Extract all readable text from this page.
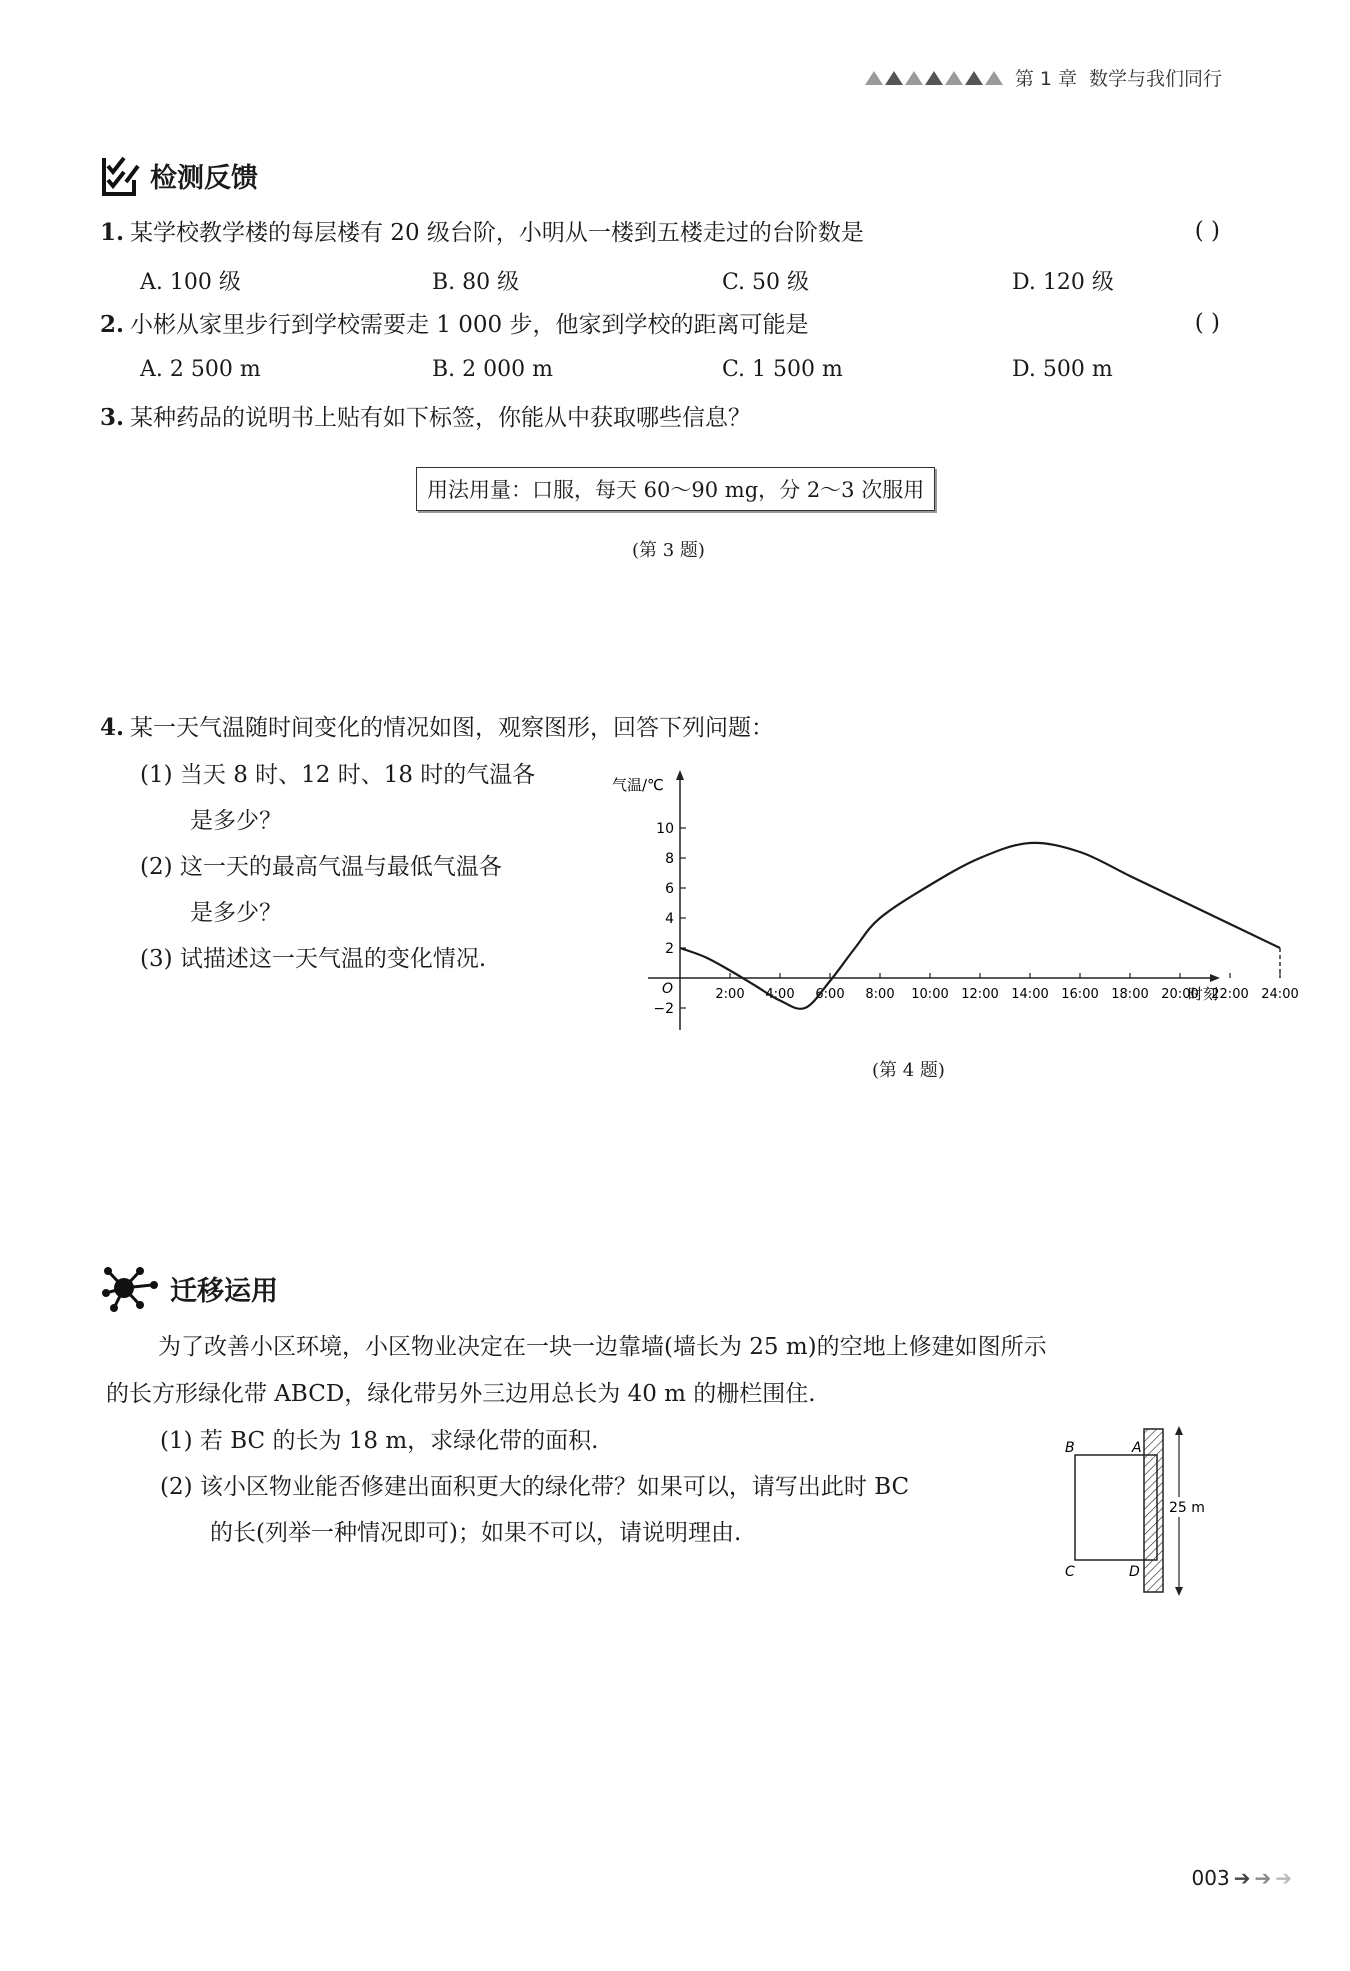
第 1 章 数学与我们同行
检测反馈
1. 某学校教学楼的每层楼有 20 级台阶，小明从一楼到五楼走过的台阶数是	( )
A. 100 级	B. 80 级	C. 50 级	D. 120 级
2. 小彬从家里步行到学校需要走 1 000 步，他家到学校的距离可能是	( )
A. 2 500 m	B. 2 000 m	C. 1 500 m	D. 500 m
3. 某种药品的说明书上贴有如下标签，你能从中获取哪些信息？
用法用量：口服，每天 60～90 mg，分 2～3 次服用
(第 3 题)
4. 某一天气温随时间变化的情况如图，观察图形，回答下列问题：
(1) 当天 8 时、12 时、18 时的气温各
是多少？
(2) 这一天的最高气温与最低气温各
是多少？
(3) 试描述这一天气温的变化情况.
气温/℃
时刻
O
10
8
6
4
2
−2
2:00 4:00 6:00 8:00 10:00 12:00 14:00 16:00 18:00 20:00 22:00 24:00
(第 4 题)
迁移运用
为了改善小区环境，小区物业决定在一块一边靠墙(墙长为 25 m)的空地上修建如图所示
的长方形绿化带 ABCD，绿化带另外三边用总长为 40 m 的栅栏围住.
(1) 若 BC 的长为 18 m，求绿化带的面积.
(2) 该小区物业能否修建出面积更大的绿化带？如果可以，请写出此时 BC
的长(列举一种情况即可)；如果不可以，请说明理由.
25 m
B	A
C	D
003 ➔ ➔ ➔
